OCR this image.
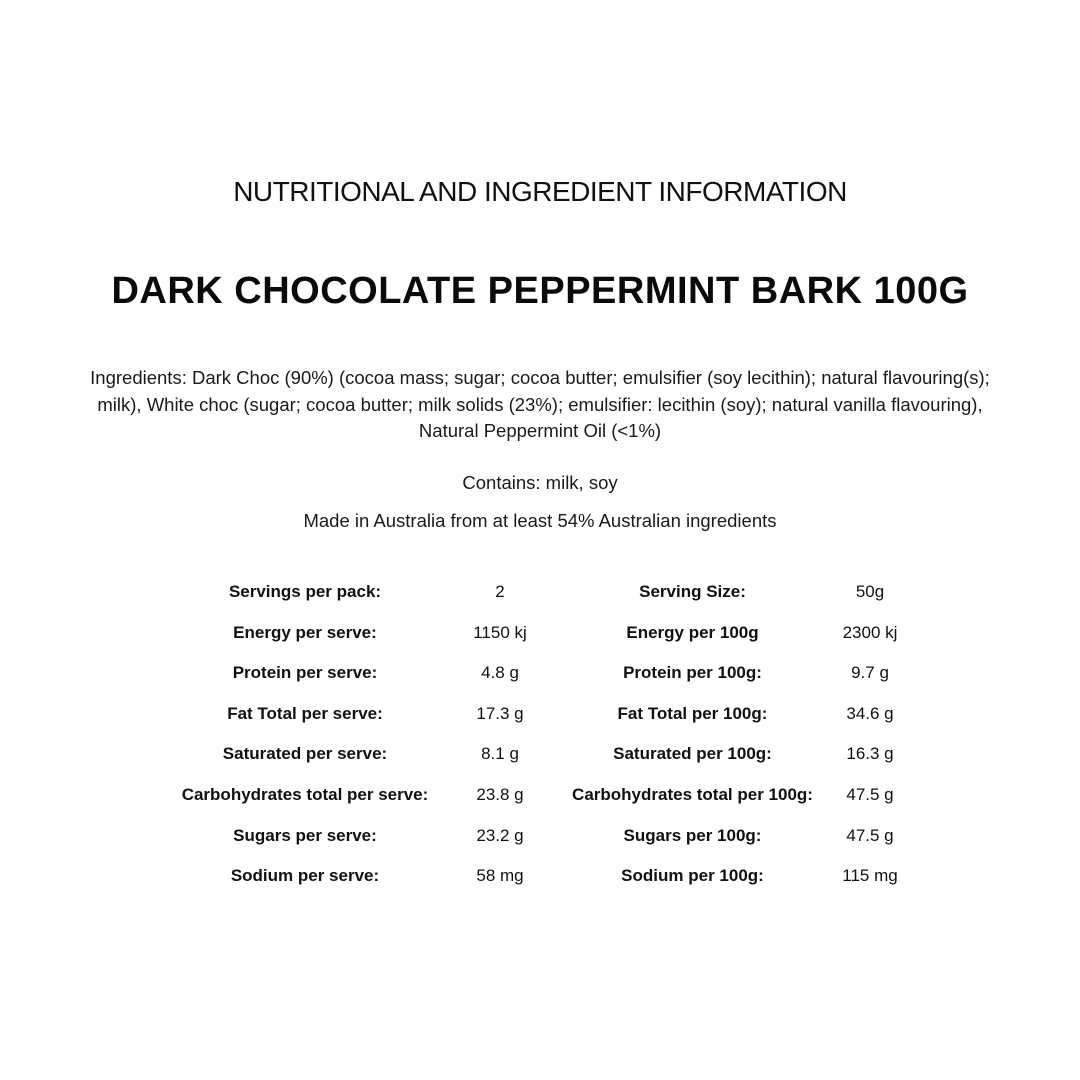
NUTRITIONAL AND INGREDIENT INFORMATION
DARK CHOCOLATE PEPPERMINT BARK 100G
Ingredients: Dark Choc (90%) (cocoa mass; sugar; cocoa butter; emulsifier (soy lecithin); natural flavouring(s);
milk), White choc (sugar; cocoa butter; milk solids (23%); emulsifier: lecithin (soy); natural vanilla flavouring),
Natural Peppermint Oil (<1%)
Contains: milk, soy
Made in Australia from at least 54% Australian ingredients
Servings per pack:	2	Serving Size:	50g
Energy per serve:	1150 kj	Energy per 100g	2300 kj
Protein per serve:	4.8 g	Protein per 100g:	9.7 g
Fat Total per serve:	17.3 g	Fat Total per 100g:	34.6 g
Saturated per serve:	8.1 g	Saturated per 100g:	16.3 g
Carbohydrates total per serve:	23.8 g	Carbohydrates total per 100g:	47.5 g
Sugars per serve:	23.2 g	Sugars per 100g:	47.5 g
Sodium per serve:	58 mg	Sodium per 100g:	115 mg
